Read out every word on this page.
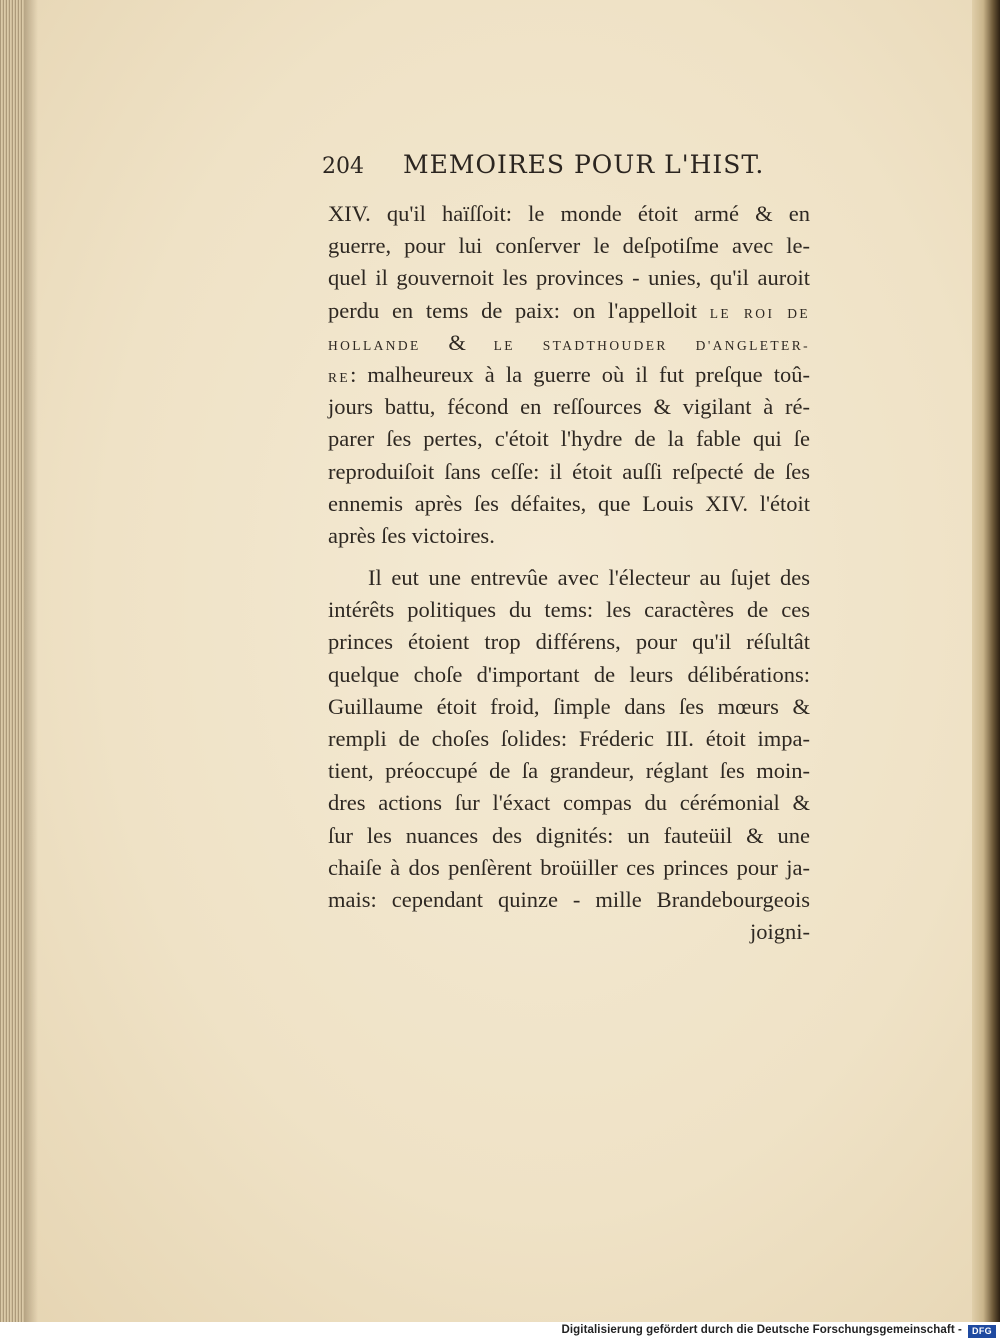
204 MEMOIRES POUR L'HIST.
XIV. qu'il haïſſoit: le monde étoit armé & en
guerre, pour lui conſerver le deſpotiſme avec le-
quel il gouvernoit les provinces - unies, qu'il auroit
perdu en tems de paix: on l'appelloit LE ROI DE
HOLLANDE & LE STADTHOUDER D'ANGLETER-
RE: malheureux à la guerre où il fut preſque toû-
jours battu, fécond en reſſources & vigilant à ré-
parer ſes pertes, c'étoit l'hydre de la fable qui ſe
reproduiſoit ſans ceſſe: il étoit auſſi reſpecté de ſes
ennemis après ſes défaites, que Louis XIV. l'étoit
après ſes victoires.
Il eut une entrevûe avec l'électeur au ſujet des
intérêts politiques du tems: les caractères de ces
princes étoient trop différens, pour qu'il réſultât
quelque choſe d'important de leurs délibérations:
Guillaume étoit froid, ſimple dans ſes mœurs &
rempli de choſes ſolides: Fréderic III. étoit impa-
tient, préoccupé de ſa grandeur, réglant ſes moin-
dres actions ſur l'éxact compas du cérémonial &
ſur les nuances des dignités: un fauteüil & une
chaiſe à dos penſèrent broüiller ces princes pour ja-
mais: cependant quinze - mille Brandebourgeois
joigni-
Digitalisierung gefördert durch die Deutsche Forschungsgemeinschaft -	DFG
